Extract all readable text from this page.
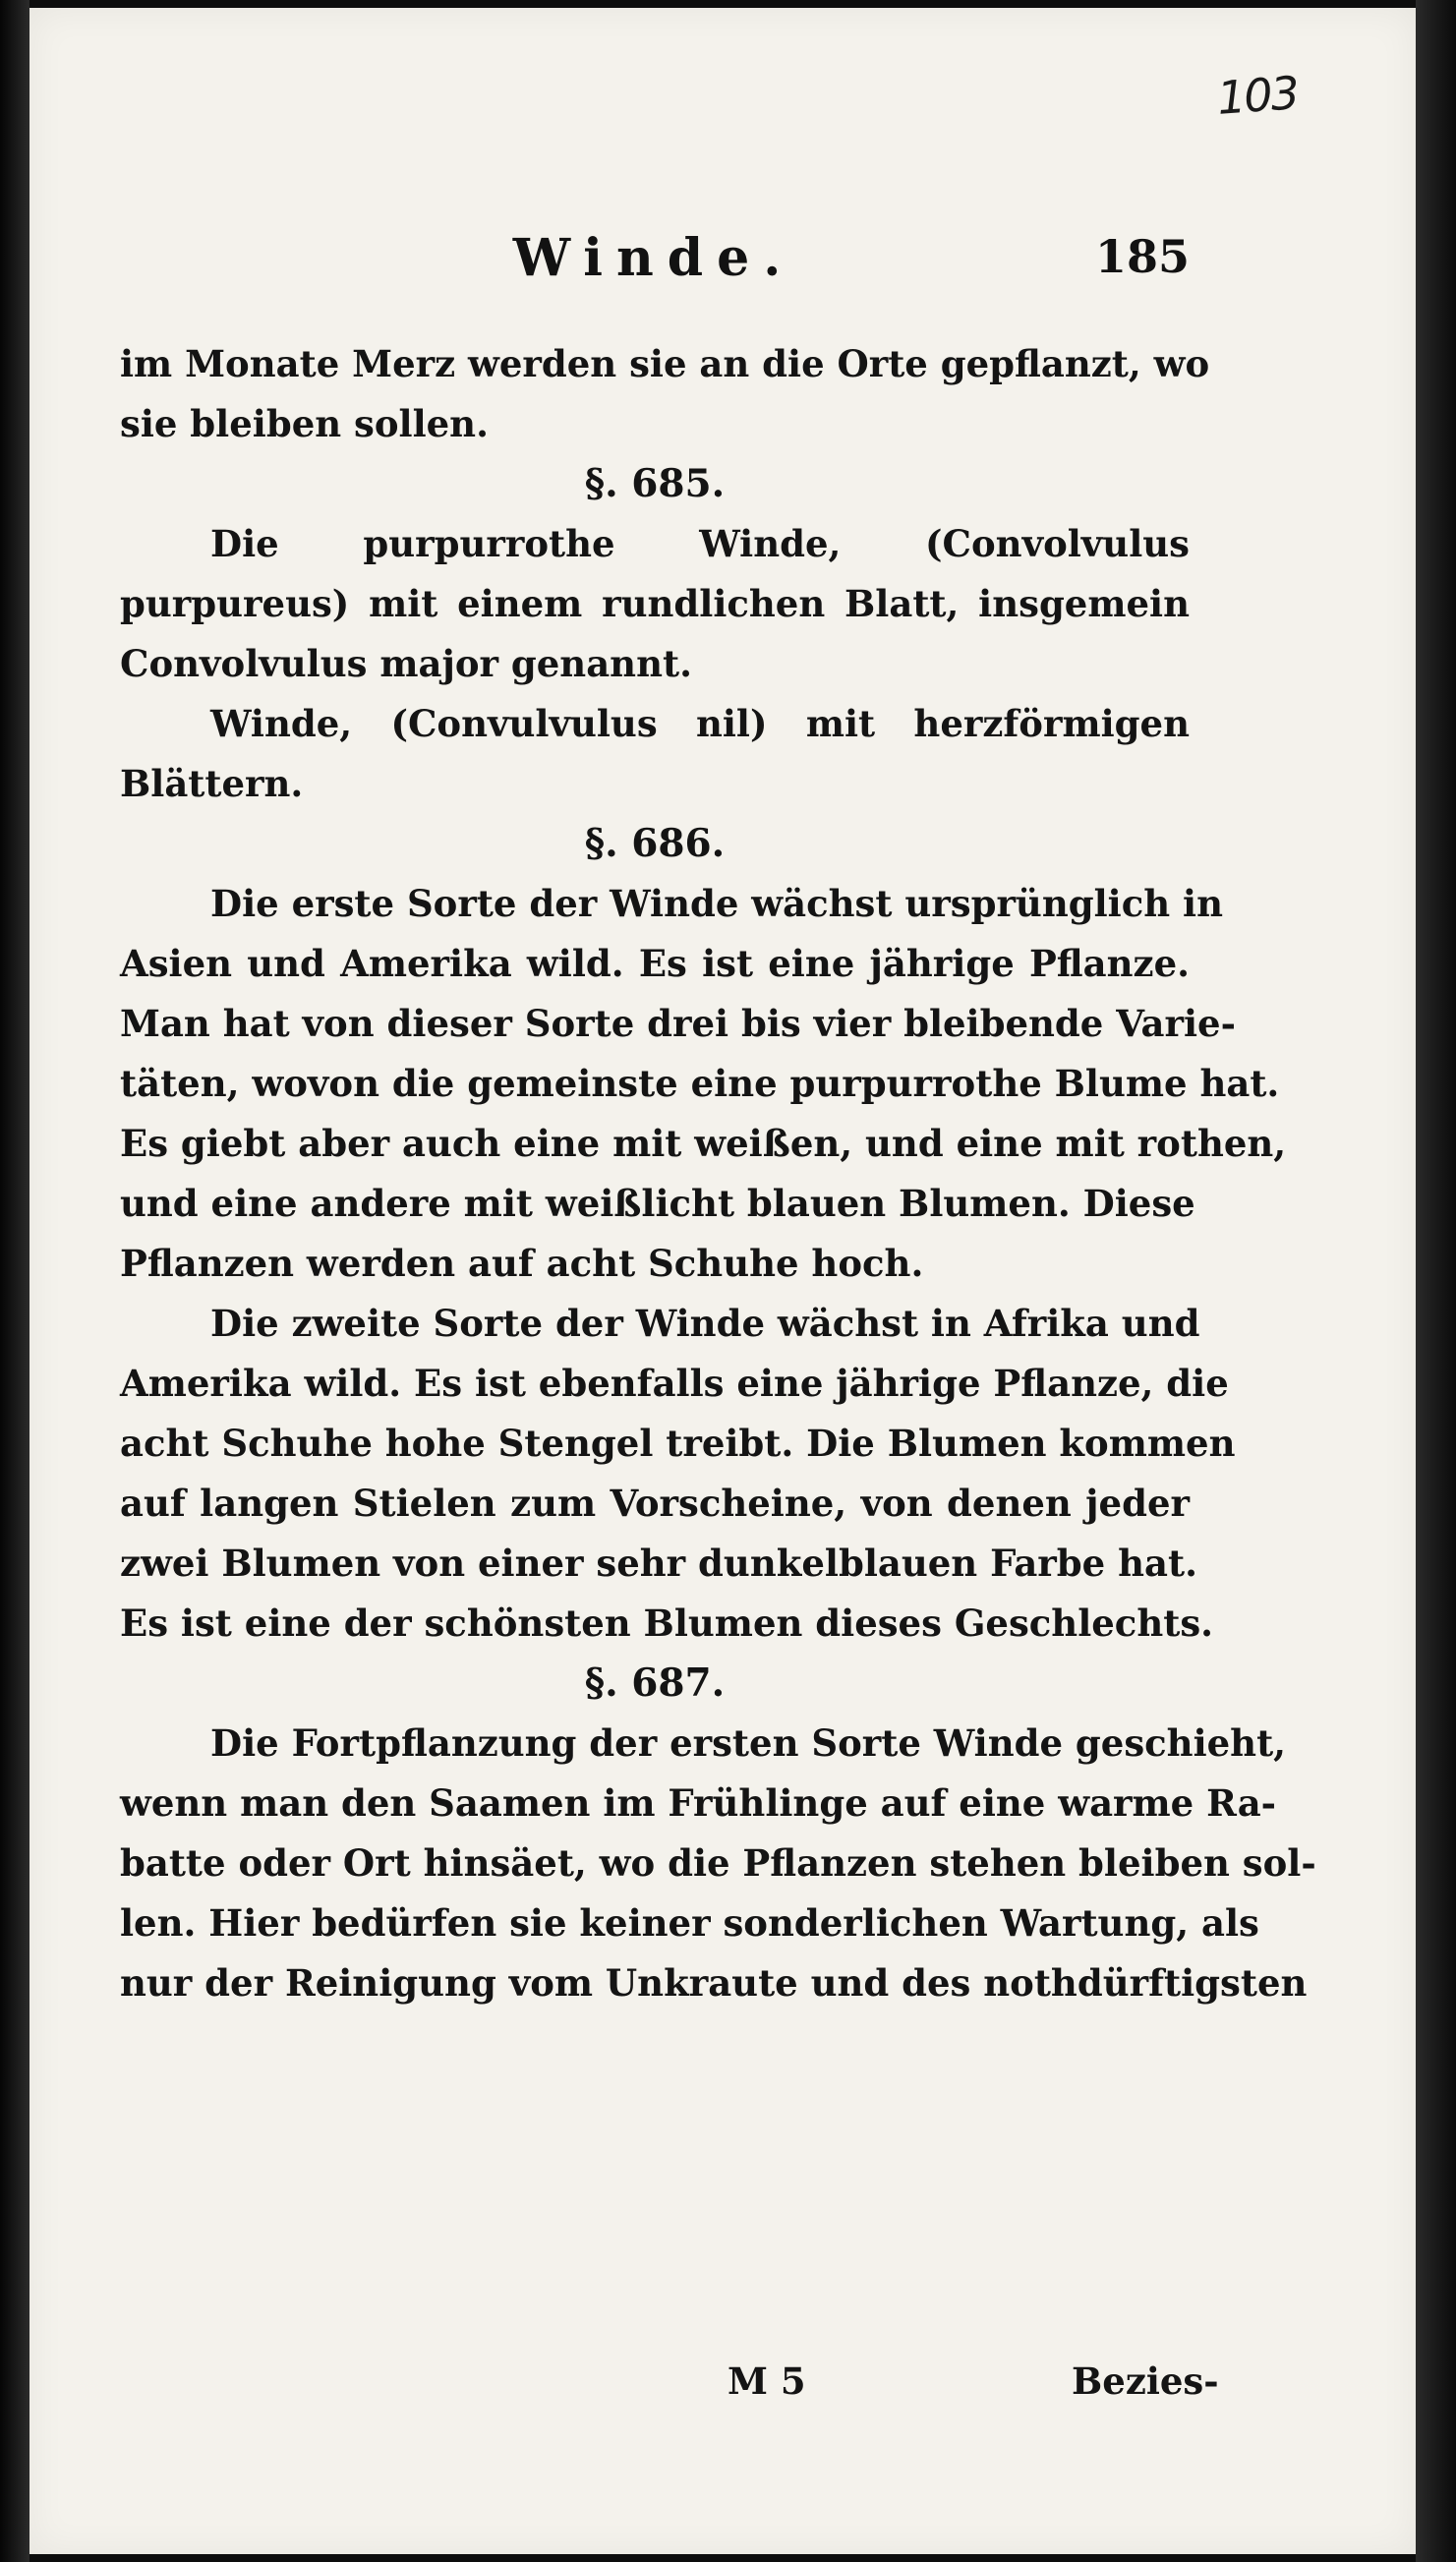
103
Winde.	185
im Monate Merz werden sie an die Orte gepflanzt, wo
sie bleiben sollen.
§. 685.
Die purpurrothe Winde, (Convolvulus
purpureus) mit einem rundlichen Blatt, insgemein
Convolvulus major genannt.
Winde, (Convulvulus nil) mit herzförmigen
Blättern.
§. 686.
Die erste Sorte der Winde wächst ursprünglich in
Asien und Amerika wild. Es ist eine jährige Pflanze.
Man hat von dieser Sorte drei bis vier bleibende Varie-
täten, wovon die gemeinste eine purpurrothe Blume hat.
Es giebt aber auch eine mit weißen, und eine mit rothen,
und eine andere mit weißlicht blauen Blumen. Diese
Pflanzen werden auf acht Schuhe hoch.
Die zweite Sorte der Winde wächst in Afrika und
Amerika wild. Es ist ebenfalls eine jährige Pflanze, die
acht Schuhe hohe Stengel treibt. Die Blumen kommen
auf langen Stielen zum Vorscheine, von denen jeder
zwei Blumen von einer sehr dunkelblauen Farbe hat.
Es ist eine der schönsten Blumen dieses Geschlechts.
§. 687.
Die Fortpflanzung der ersten Sorte Winde geschieht,
wenn man den Saamen im Frühlinge auf eine warme Ra-
batte oder Ort hinsäet, wo die Pflanzen stehen bleiben sol-
len. Hier bedürfen sie keiner sonderlichen Wartung, als
nur der Reinigung vom Unkraute und des nothdürftigsten
M 5	Bezies-
